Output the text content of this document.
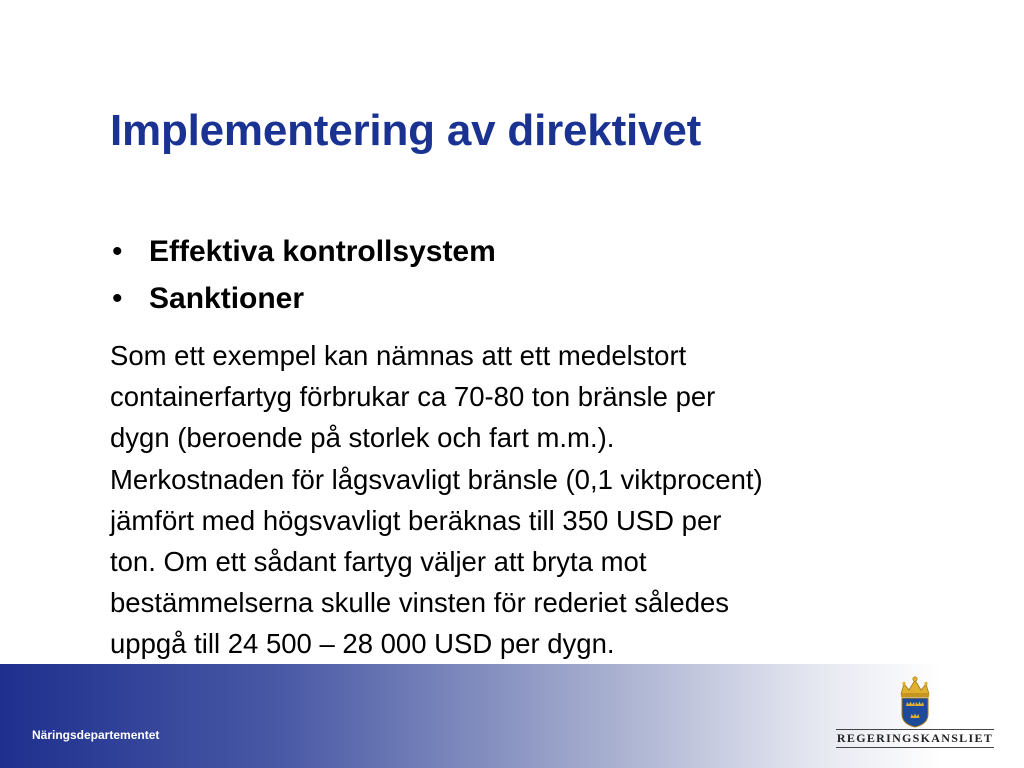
Implementering av direktivet
• Effektiva kontrollsystem
• Sanktioner

Som ett exempel kan nämnas att ett medelstort
containerfartyg förbrukar ca 70-80 ton bränsle per
dygn (beroende på storlek och fart m.m.).
Merkostnaden för lågsvavligt bränsle (0,1 viktprocent)
jämfört med högsvavligt beräknas till 350 USD per
ton. Om ett sådant fartyg väljer att bryta mot
bestämmelserna skulle vinsten för rederiet således
uppgå till 24 500 – 28 000 USD per dygn.

Näringsdepartementet	REGERINGSKANSLIET
